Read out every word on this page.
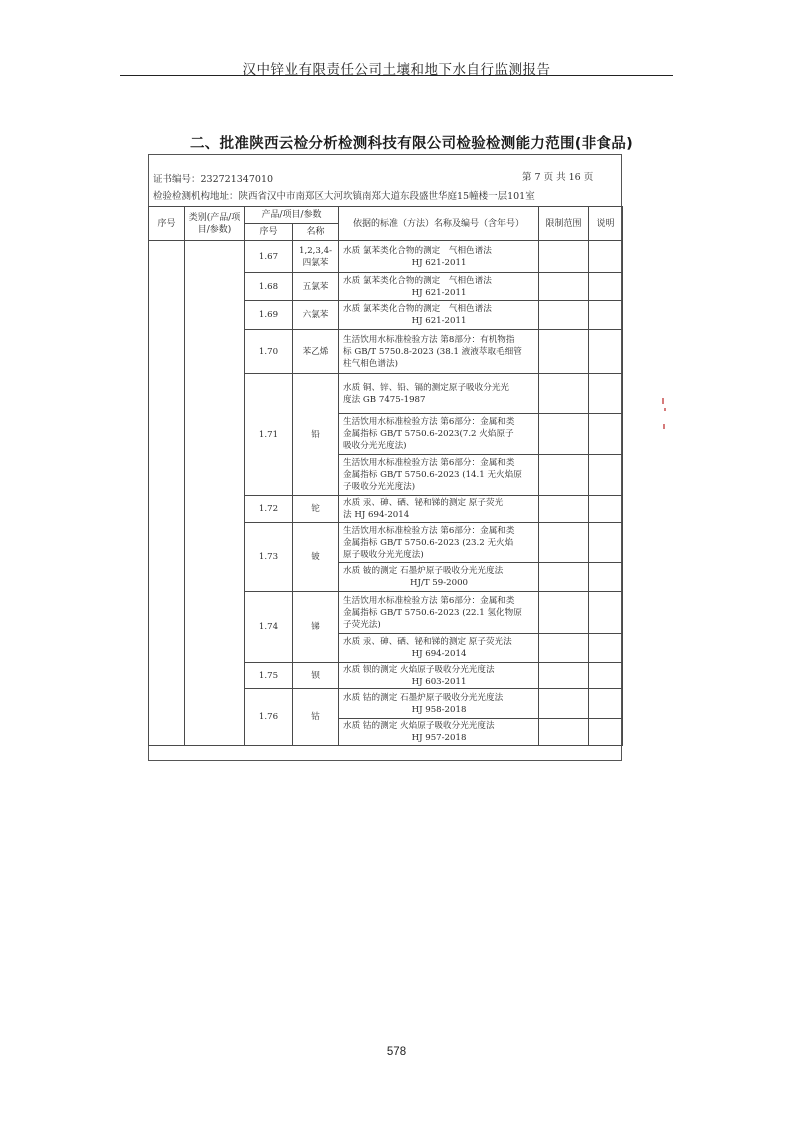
汉中锌业有限责任公司土壤和地下水自行监测报告
二、批准陕西云检分析检测科技有限公司检验检测能力范围(非食品)
证书编号：232721347010	第 7 页 共 16 页
检验检测机构地址：陕西省汉中市南郑区大河坎镇南郑大道东段盛世华庭15幢楼一层101室
序号	类别(产品/项目/参数)	产品/项目/参数		依据的标准（方法）名称及编号（含年号）	限制范围	说明
		序号	名称			
		1.67	1,2,3,4-四氯苯	水质 氯苯类化合物的测定　气相色谱法
HJ 621-2011		

		1.68	五氯苯	水质 氯苯类化合物的测定　气相色谱法
HJ 621-2011		

		1.69	六氯苯	水质 氯苯类化合物的测定　气相色谱法
HJ 621-2011		

		1.70	苯乙烯	生活饮用水标准检验方法 第8部分：有机物指
标 GB/T 5750.8-2023 (38.1 液液萃取毛细管
柱气相色谱法)		

		1.71	铅	水质 铜、锌、铅、镉的测定原子吸收分光光
度法 GB 7475-1987		

				生活饮用水标准检验方法 第6部分：金属和类
金属指标 GB/T 5750.6-2023(7.2 火焰原子
吸收分光光度法)		

				生活饮用水标准检验方法 第6部分：金属和类
金属指标 GB/T 5750.6-2023 (14.1 无火焰原
子吸收分光光度法)		

		1.72	铊	水质 汞、砷、硒、铋和锑的测定 原子荧光
法 HJ 694-2014		

		1.73	铍	生活饮用水标准检验方法 第6部分：金属和类
金属指标 GB/T 5750.6-2023 (23.2 无火焰
原子吸收分光光度法)		

				水质 铍的测定 石墨炉原子吸收分光光度法
HJ/T 59-2000		

		1.74	锑	生活饮用水标准检验方法 第6部分：金属和类
金属指标 GB/T 5750.6-2023 (22.1 氢化物原
子荧光法)		

				水质 汞、砷、硒、铋和锑的测定 原子荧光法
HJ 694-2014		

		1.75	钡	水质 钡的测定 火焰原子吸收分光光度法
HJ 603-2011		

		1.76	钴	水质 钴的测定 石墨炉原子吸收分光光度法
HJ 958-2018		

				水质 钴的测定 火焰原子吸收分光光度法
HJ 957-2018		

578
